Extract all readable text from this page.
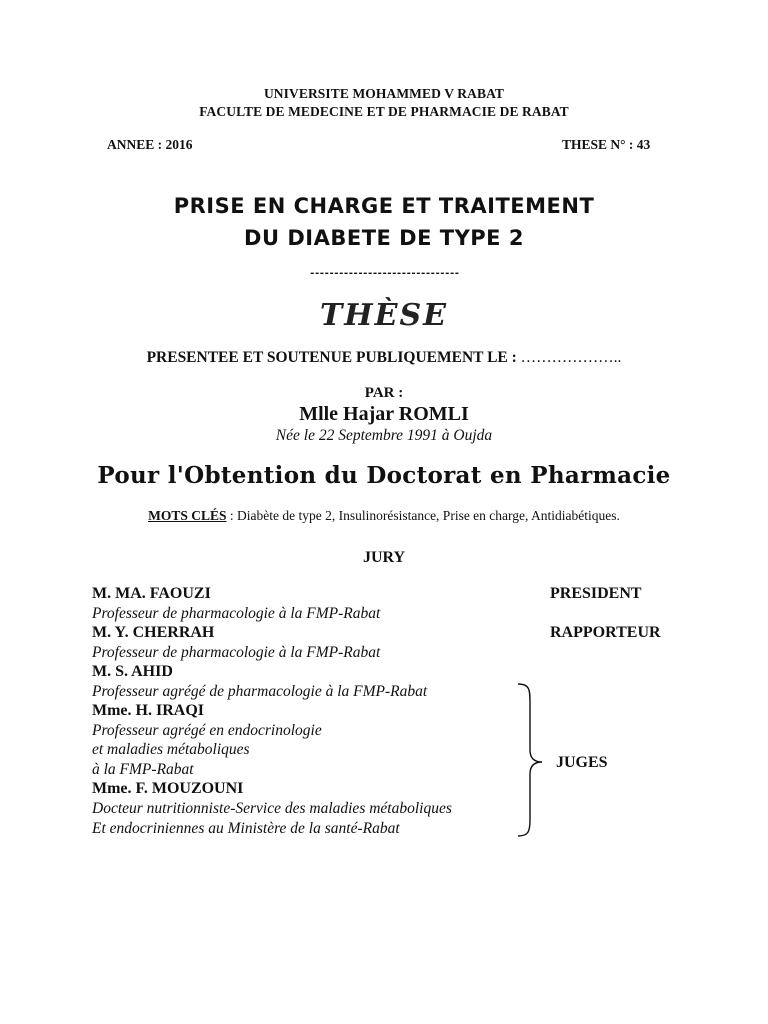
UNIVERSITE MOHAMMED V RABAT
FACULTE DE MEDECINE ET DE PHARMACIE DE RABAT
ANNEE : 2016	THESE N° : 43
PRISE EN CHARGE ET TRAITEMENT
DU DIABETE DE TYPE 2
-------------------------------
THÈSE
PRESENTEE ET SOUTENUE PUBLIQUEMENT LE : ………………..
PAR :
Mlle Hajar ROMLI
Née le 22 Septembre 1991 à Oujda
Pour l'Obtention du Doctorat en Pharmacie
MOTS CLÉS : Diabète de type 2, Insulinorésistance, Prise en charge, Antidiabétiques.
JURY
M. MA. FAOUZI	PRESIDENT
Professeur de pharmacologie à la FMP-Rabat
M. Y. CHERRAH	RAPPORTEUR
Professeur de pharmacologie à la FMP-Rabat
M. S. AHID
Professeur agrégé de pharmacologie à la FMP-Rabat
Mme. H. IRAQI
Professeur agrégé en endocrinologie
et maladies métaboliques
à la FMP-Rabat
Mme. F. MOUZOUNI
Docteur nutritionniste-Service des maladies métaboliques
Et endocriniennes au Ministère de la santé-Rabat
JUGES
